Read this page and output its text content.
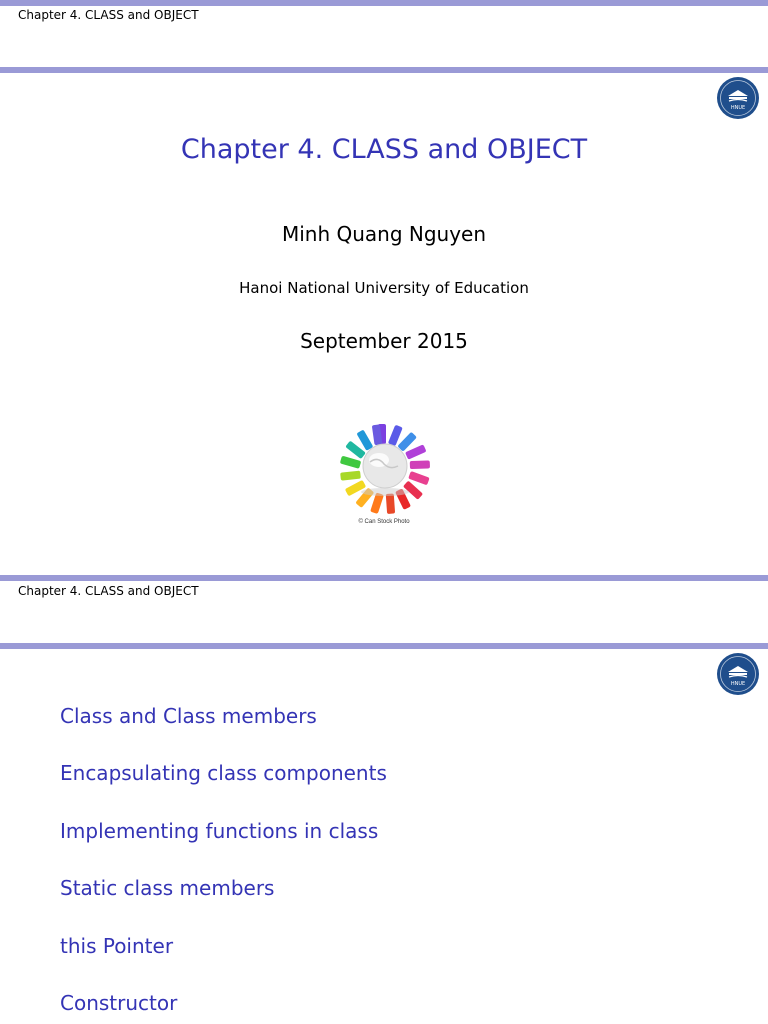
Chapter 4. CLASS and OBJECT
HNUE
Chapter 4. CLASS and OBJECT
Minh Quang Nguyen
Hanoi National University of Education
September 2015
© Can Stock Photo
Chapter 4. CLASS and OBJECT
HNUE
Class and Class members
Encapsulating class components
Implementing functions in class
Static class members
this Pointer
Constructor
